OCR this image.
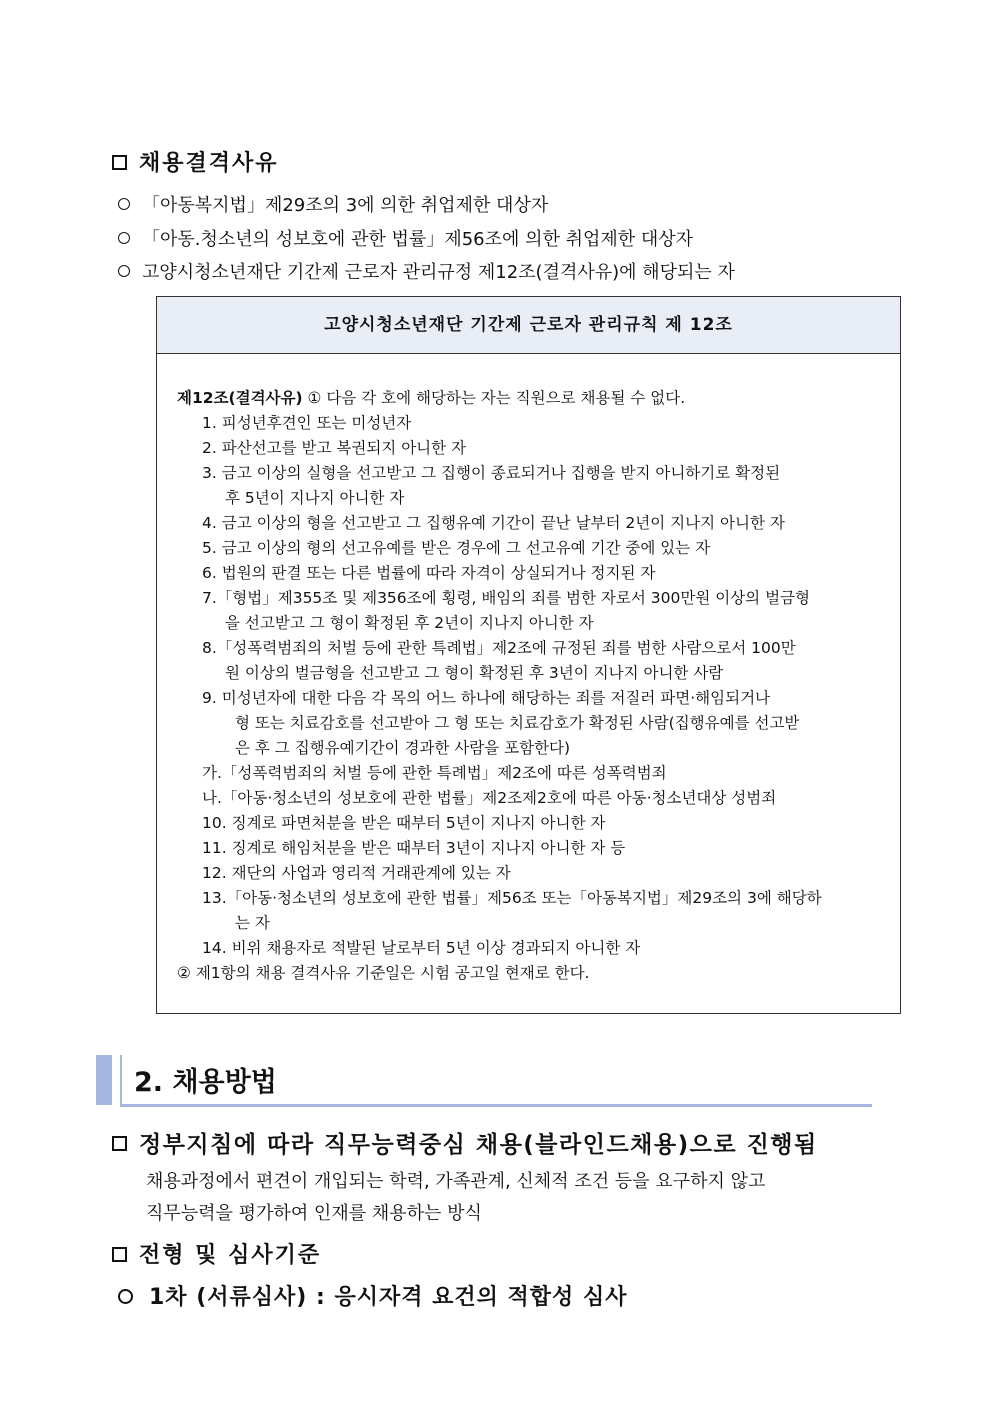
채용결격사유
「아동복지법」제29조의 3에 의한 취업제한 대상자
「아동.청소년의 성보호에 관한 법률」제56조에 의한 취업제한 대상자
고양시청소년재단 기간제 근로자 관리규정 제12조(결격사유)에 해당되는 자
고양시청소년재단 기간제 근로자 관리규칙 제 12조
제12조(결격사유) ① 다음 각 호에 해당하는 자는 직원으로 채용될 수 없다.
1. 피성년후견인 또는 미성년자
2. 파산선고를 받고 복권되지 아니한 자
3. 금고 이상의 실형을 선고받고 그 집행이 종료되거나 집행을 받지 아니하기로 확정된
후 5년이 지나지 아니한 자
4. 금고 이상의 형을 선고받고 그 집행유예 기간이 끝난 날부터 2년이 지나지 아니한 자
5. 금고 이상의 형의 선고유예를 받은 경우에 그 선고유예 기간 중에 있는 자
6. 법원의 판결 또는 다른 법률에 따라 자격이 상실되거나 정지된 자
7.「형법」제355조 및 제356조에 횡령, 배임의 죄를 범한 자로서 300만원 이상의 벌금형
을 선고받고 그 형이 확정된 후 2년이 지나지 아니한 자
8.「성폭력범죄의 처벌 등에 관한 특례법」제2조에 규정된 죄를 범한 사람으로서 100만
원 이상의 벌금형을 선고받고 그 형이 확정된 후 3년이 지나지 아니한 사람
9. 미성년자에 대한 다음 각 목의 어느 하나에 해당하는 죄를 저질러 파면·해임되거나
형 또는 치료감호를 선고받아 그 형 또는 치료감호가 확정된 사람(집행유예를 선고받
은 후 그 집행유예기간이 경과한 사람을 포함한다)
가.「성폭력범죄의 처벌 등에 관한 특례법」제2조에 따른 성폭력범죄
나.「아동·청소년의 성보호에 관한 법률」제2조제2호에 따른 아동·청소년대상 성범죄
10. 징계로 파면처분을 받은 때부터 5년이 지나지 아니한 자
11. 징계로 해임처분을 받은 때부터 3년이 지나지 아니한 자 등
12. 재단의 사업과 영리적 거래관계에 있는 자
13.「아동·청소년의 성보호에 관한 법률」제56조 또는「아동복지법」제29조의 3에 해당하
는 자
14. 비위 채용자로 적발된 날로부터 5년 이상 경과되지 아니한 자
② 제1항의 채용 결격사유 기준일은 시험 공고일 현재로 한다.
2. 채용방법
정부지침에 따라 직무능력중심 채용(블라인드채용)으로 진행됨
채용과정에서 편견이 개입되는 학력, 가족관계, 신체적 조건 등을 요구하지 않고
직무능력을 평가하여 인재를 채용하는 방식
전형 및 심사기준
1차 (서류심사) : 응시자격 요건의 적합성 심사
